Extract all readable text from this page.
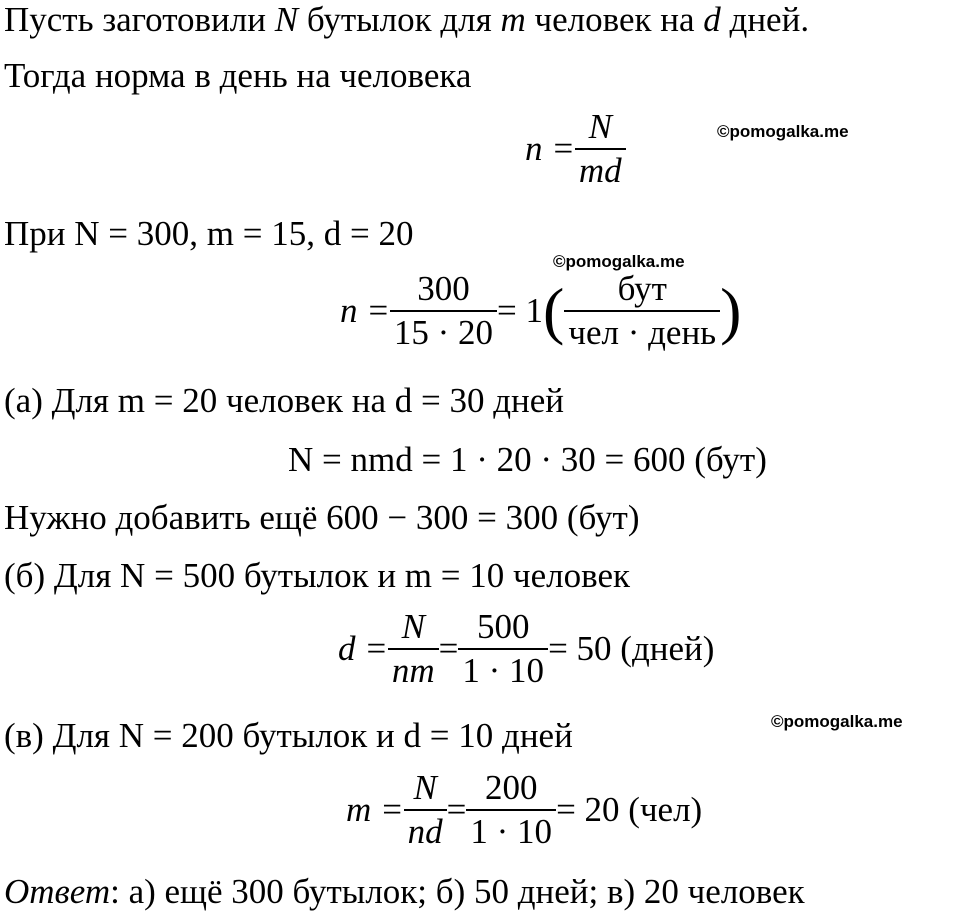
Пусть заготовили N бутылок для m человек на d дней.
Тогда норма в день на человека
$n = \frac{N}{md}$	©pomogalka.me
При N = 300, m = 15, d = 20
©pomogalka.me
$n = \frac{300}{15 \cdot 20} = 1( \frac{\text{бут}}{\text{чел · день}}$ )
(а) Для m = 20 человек на d = 30 дней
N = nmd = 1 · 20 · 30 = 600 (бут)
Нужно добавить ещё 600 − 300 = 300 (бут)
(б) Для N = 500 бутылок и m = 10 человек
$d = \frac{N}{nm} = \frac{500}{1 \cdot 10} = 50$ (дней)
(в) Для N = 200 бутылок и d = 10 дней	©pomogalka.me
$m = \frac{N}{nd} = \frac{200}{1 \cdot 10} = 20$ (чел)
Ответ: а) ещё 300 бутылок; б) 50 дней; в) 20 человек
